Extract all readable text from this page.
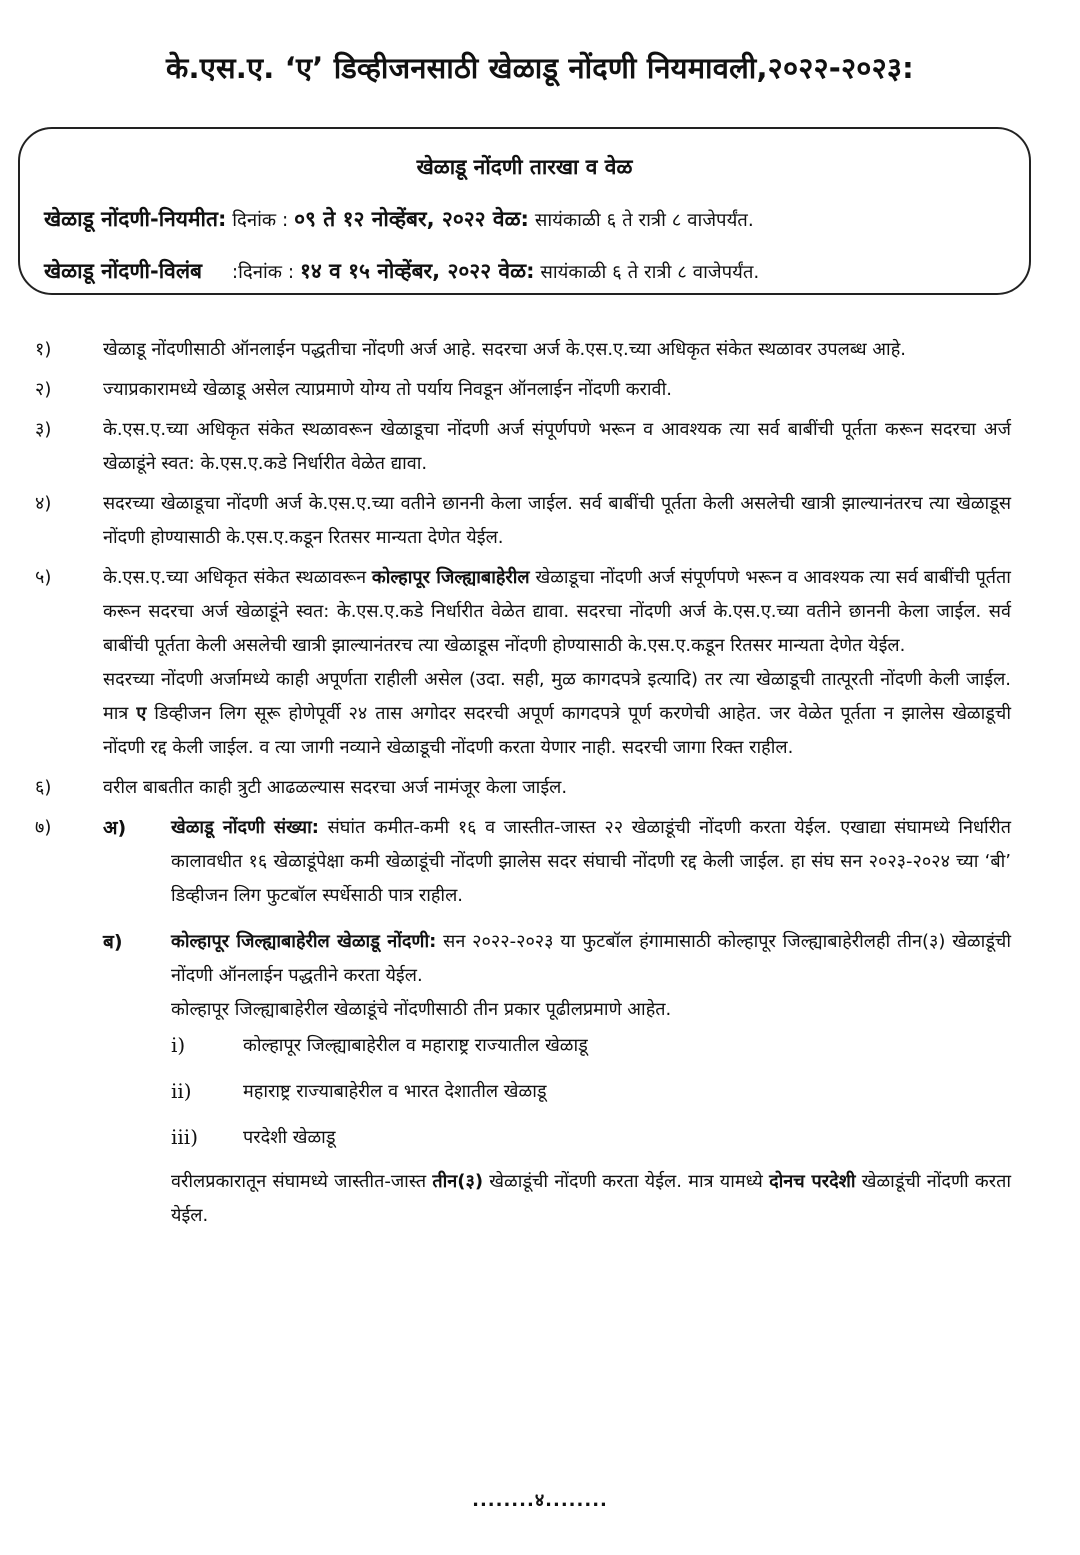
के.एस.ए. ‘ए’ डिव्हीजनसाठी खेळाडू नोंदणी नियमावली,२०२२-२०२३:
खेळाडू नोंदणी तारखा व वेळ
खेळाडू नोंदणी-नियमीत: दिनांक : ०९ ते १२ नोव्हेंबर, २०२२ वेळ: सायंकाळी ६ ते रात्री ८ वाजेपर्यंत.
खेळाडू नोंदणी-विलंब :दिनांक : १४ व १५ नोव्हेंबर, २०२२ वेळ: सायंकाळी ६ ते रात्री ८ वाजेपर्यंत.
१)	खेळाडू नोंदणीसाठी ऑनलाईन पद्धतीचा नोंदणी अर्ज आहे. सदरचा अर्ज के.एस.ए.च्या अधिकृत संकेत स्थळावर उपलब्ध आहे.
२)	ज्याप्रकारामध्ये खेळाडू असेल त्याप्रमाणे योग्य तो पर्याय निवडून ऑनलाईन नोंदणी करावी.
३)	के.एस.ए.च्या अधिकृत संकेत स्थळावरून खेळाडूचा नोंदणी अर्ज संपूर्णपणे भरून व आवश्यक त्या सर्व बाबींची पूर्तता करून सदरचा अर्ज खेळाडूंने स्वत: के.एस.ए.कडे निर्धारीत वेळेत द्यावा.
४)	सदरच्या खेळाडूचा नोंदणी अर्ज के.एस.ए.च्या वतीने छाननी केला जाईल. सर्व बाबींची पूर्तता केली असलेची खात्री झाल्यानंतरच त्या खेळाडूस नोंदणी होण्यासाठी के.एस.ए.कडून रितसर मान्यता देणेत येईल.
५)	के.एस.ए.च्या अधिकृत संकेत स्थळावरून कोल्हापूर जिल्ह्याबाहेरील खेळाडूचा नोंदणी अर्ज संपूर्णपणे भरून व आवश्यक त्या सर्व बाबींची पूर्तता करून सदरचा अर्ज खेळाडूंने स्वत: के.एस.ए.कडे निर्धारीत वेळेत द्यावा. सदरचा नोंदणी अर्ज के.एस.ए.च्या वतीने छाननी केला जाईल. सर्व बाबींची पूर्तता केली असलेची खात्री झाल्यानंतरच त्या खेळाडूस नोंदणी होण्यासाठी के.एस.ए.कडून रितसर मान्यता देणेत येईल.
सदरच्या नोंदणी अर्जामध्ये काही अपूर्णता राहीली असेल (उदा. सही, मुळ कागदपत्रे इत्यादि) तर त्या खेळाडूची तात्पूरती नोंदणी केली जाईल. मात्र ए डिव्हीजन लिग सूरू होणेपूर्वी २४ तास अगोदर सदरची अपूर्ण कागदपत्रे पूर्ण करणेची आहेत. जर वेळेत पूर्तता न झालेस खेळाडूची नोंदणी रद्द केली जाईल. व त्या जागी नव्याने खेळाडूची नोंदणी करता येणार नाही. सदरची जागा रिक्त राहील.
६)	वरील बाबतीत काही त्रुटी आढळल्यास सदरचा अर्ज नामंजूर केला जाईल.
७)	अ) खेळाडू नोंदणी संख्या: संघांत कमीत-कमी १६ व जास्तीत-जास्त २२ खेळाडूंची नोंदणी करता येईल. एखाद्या संघामध्ये निर्धारीत कालावधीत १६ खेळाडूंपेक्षा कमी खेळाडूंची नोंदणी झालेस सदर संघाची नोंदणी रद्द केली जाईल. हा संघ सन २०२३-२०२४ च्या ‘बी’ डिव्हीजन लिग फुटबॉल स्पर्धेसाठी पात्र राहील.
ब)	कोल्हापूर जिल्ह्याबाहेरील खेळाडू नोंदणी: सन २०२२-२०२३ या फुटबॉल हंगामासाठी कोल्हापूर जिल्ह्याबाहेरीलही तीन(३) खेळाडूंची नोंदणी ऑनलाईन पद्धतीने करता येईल.
कोल्हापूर जिल्ह्याबाहेरील खेळाडूंचे नोंदणीसाठी तीन प्रकार पूढीलप्रमाणे आहेत.
i)	कोल्हापूर जिल्ह्याबाहेरील व महाराष्ट्र राज्यातील खेळाडू
ii)	महाराष्ट्र राज्याबाहेरील व भारत देशातील खेळाडू
iii)	परदेशी खेळाडू
वरीलप्रकारातून संघामध्ये जास्तीत-जास्त तीन(३) खेळाडूंची नोंदणी करता येईल. मात्र यामध्ये दोनच परदेशी खेळाडूंची नोंदणी करता येईल.
........४........
